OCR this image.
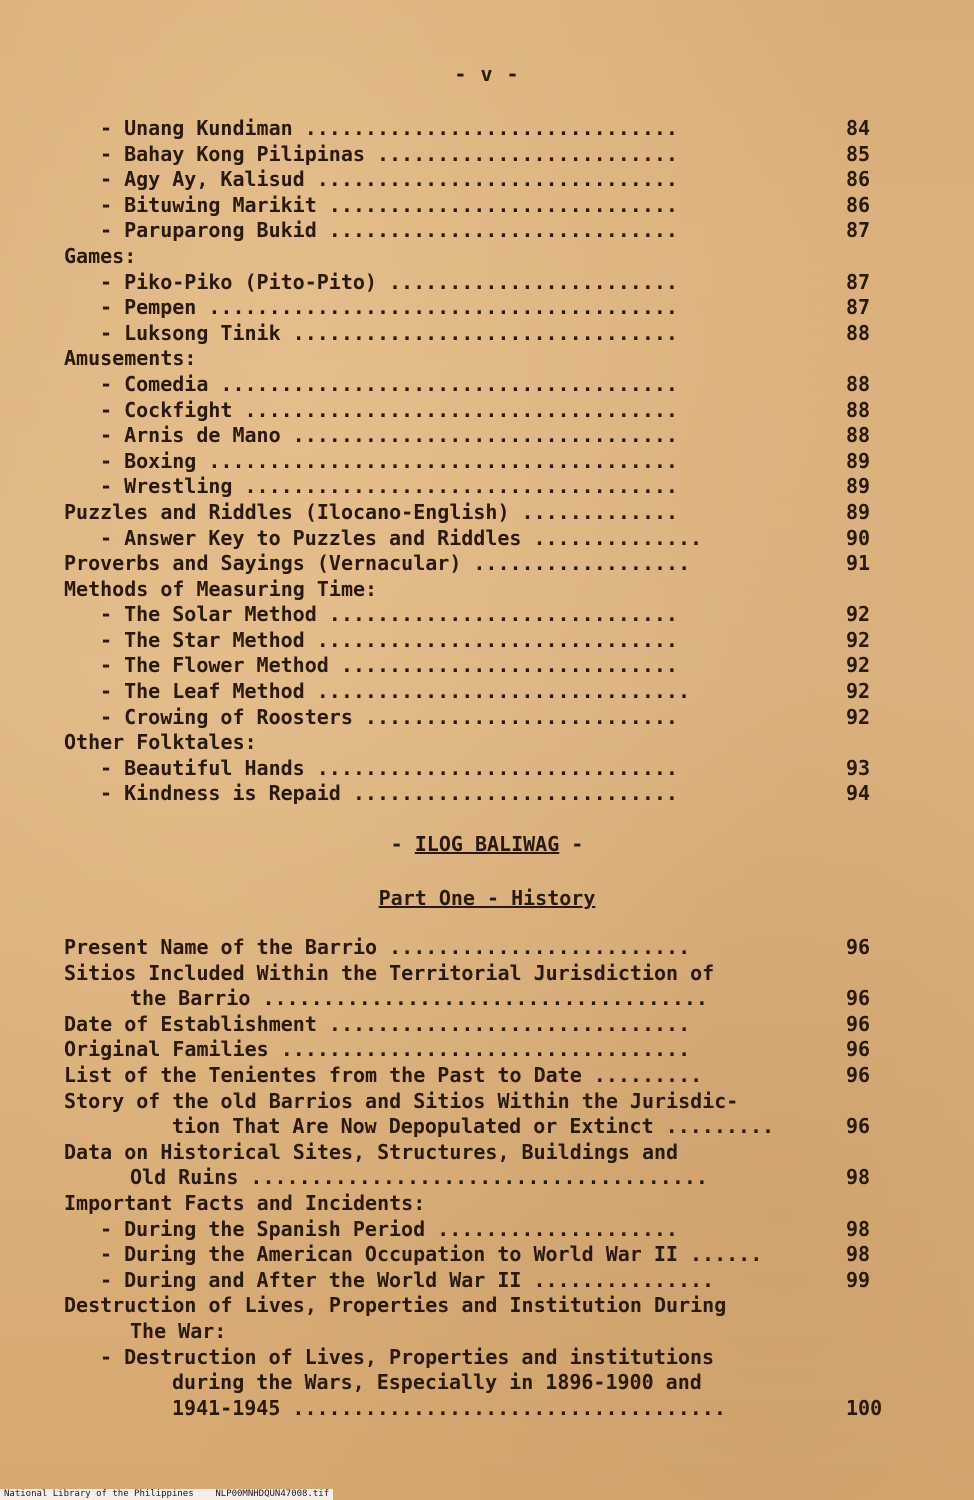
- v -
- Unang Kundiman ...............................	84
- Bahay Kong Pilipinas .........................	85
- Agy Ay, Kalisud ..............................	86
- Bituwing Marikit .............................	86
- Paruparong Bukid .............................	87
Games:
- Piko-Piko (Pito-Pito) ........................	87
- Pempen .......................................	87
- Luksong Tinik ................................	88
Amusements:
- Comedia ......................................	88
- Cockfight ....................................	88
- Arnis de Mano ................................	88
- Boxing .......................................	89
- Wrestling ....................................	89
Puzzles and Riddles (Ilocano-English) .............	89
- Answer Key to Puzzles and Riddles ..............	90
Proverbs and Sayings (Vernacular) ..................	91
Methods of Measuring Time:
- The Solar Method .............................	92
- The Star Method ..............................	92
- The Flower Method ............................	92
- The Leaf Method ...............................	92
- Crowing of Roosters ..........................	92
Other Folktales:
- Beautiful Hands ..............................	93
- Kindness is Repaid ...........................	94
- ILOG BALIWAG -
Part One - History
Present Name of the Barrio .........................	96
Sitios Included Within the Territorial Jurisdiction of
the Barrio .....................................	96
Date of Establishment ..............................	96
Original Families ..................................	96
List of the Tenientes from the Past to Date .........	96
Story of the old Barrios and Sitios Within the Jurisdic-
tion That Are Now Depopulated or Extinct .........	96
Data on Historical Sites, Structures, Buildings and
Old Ruins ......................................	98
Important Facts and Incidents:
- During the Spanish Period ....................	98
- During the American Occupation to World War II ......	98
- During and After the World War II ...............	99
Destruction of Lives, Properties and Institution During
The War:
- Destruction of Lives, Properties and institutions
during the Wars, Especially in 1896-1900 and
1941-1945 ....................................	100
National Library of the Philippines    NLP00MNHDQUN47008.tif
